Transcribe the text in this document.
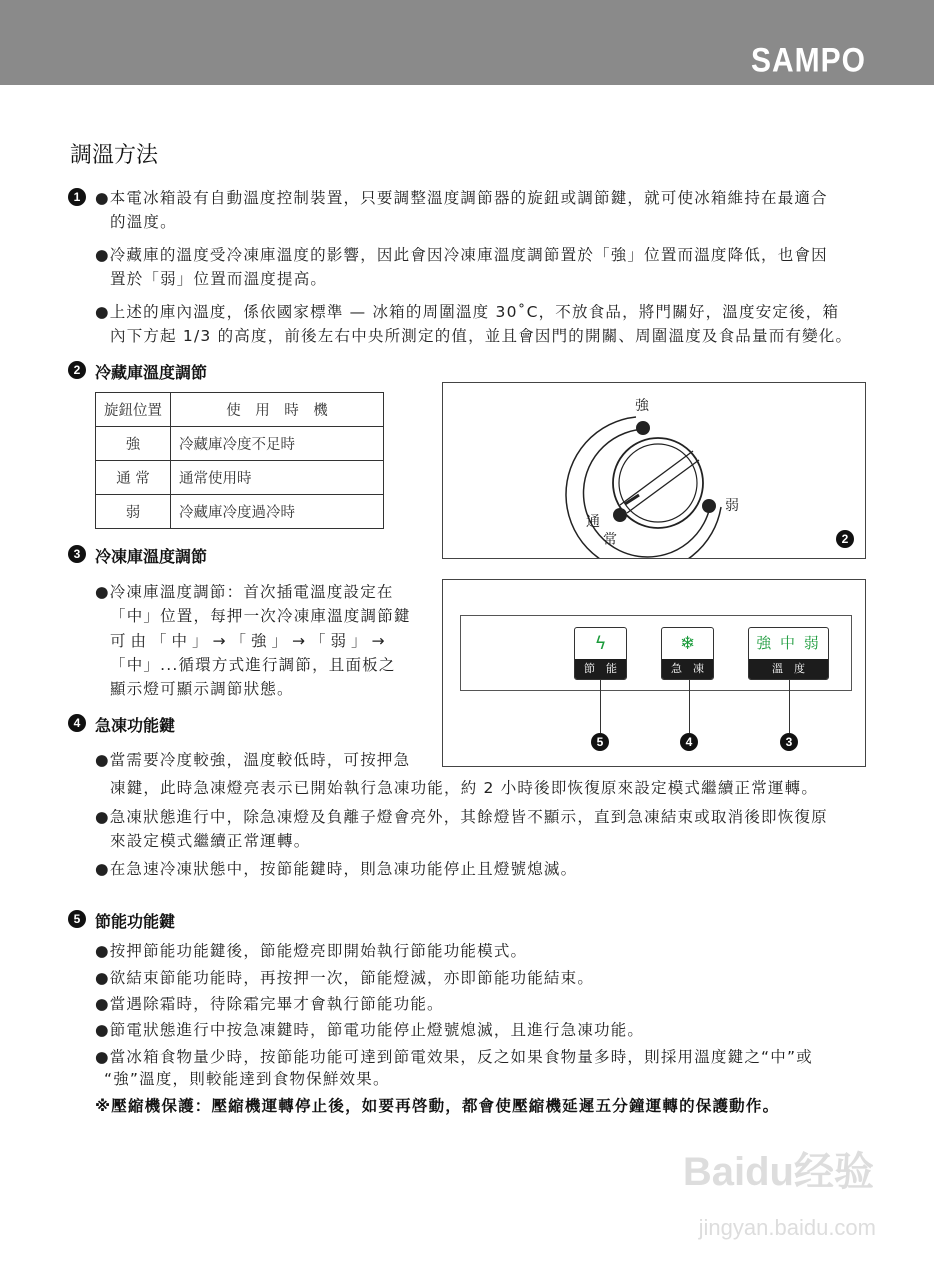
SAMPO
調溫方法
1 ●本電冰箱設有自動溫度控制裝置，只要調整溫度調節器的旋鈕或調節鍵，就可使冰箱維持在最適合
的溫度。
●冷藏庫的溫度受冷凍庫溫度的影響，因此會因冷凍庫溫度調節置於「強」位置而溫度降低，也會因
置於「弱」位置而溫度提高。
●上述的庫內溫度，係依國家標準 — 冰箱的周圍溫度 30˚C，不放食品，將門關好，溫度安定後，箱
內下方起 1/3 的高度，前後左右中央所測定的值，並且會因門的開關、周圍溫度及食品量而有變化。
2 冷藏庫溫度調節
旋鈕位置	使　用　時　機
強	冷藏庫冷度不足時
通 常	通常使用時
弱	冷藏庫冷度過冷時
強
通
常
弱
2
ϟ
節　能
❄
急　凍
強 中 弱
溫　度
5	4	3
3 冷凍庫溫度調節
●冷凍庫溫度調節：首次插電溫度設定在
「中」位置，每押一次冷凍庫溫度調節鍵
可由「中」→「強」→「弱」→
「中」...循環方式進行調節，且面板之
顯示燈可顯示調節狀態。
4 急凍功能鍵
●當需要冷度較強，溫度較低時，可按押急
凍鍵，此時急凍燈亮表示已開始執行急凍功能，約 2 小時後即恢復原來設定模式繼續正常運轉。
●急凍狀態進行中，除急凍燈及負離子燈會亮外，其餘燈皆不顯示，直到急凍結束或取消後即恢復原
來設定模式繼續正常運轉。
●在急速冷凍狀態中，按節能鍵時，則急凍功能停止且燈號熄滅。
5 節能功能鍵
●按押節能功能鍵後，節能燈亮即開始執行節能功能模式。
●欲結束節能功能時，再按押一次，節能燈滅，亦即節能功能結束。
●當遇除霜時，待除霜完畢才會執行節能功能。
●節電狀態進行中按急凍鍵時，節電功能停止燈號熄滅，且進行急凍功能。
●當冰箱食物量少時，按節能功能可達到節電效果，反之如果食物量多時，則採用溫度鍵之“中”或
“強”溫度，則較能達到食物保鮮效果。
※壓縮機保護：壓縮機運轉停止後，如要再啓動，都會使壓縮機延遲五分鐘運轉的保護動作。
Baidu经验
jingyan.baidu.com
